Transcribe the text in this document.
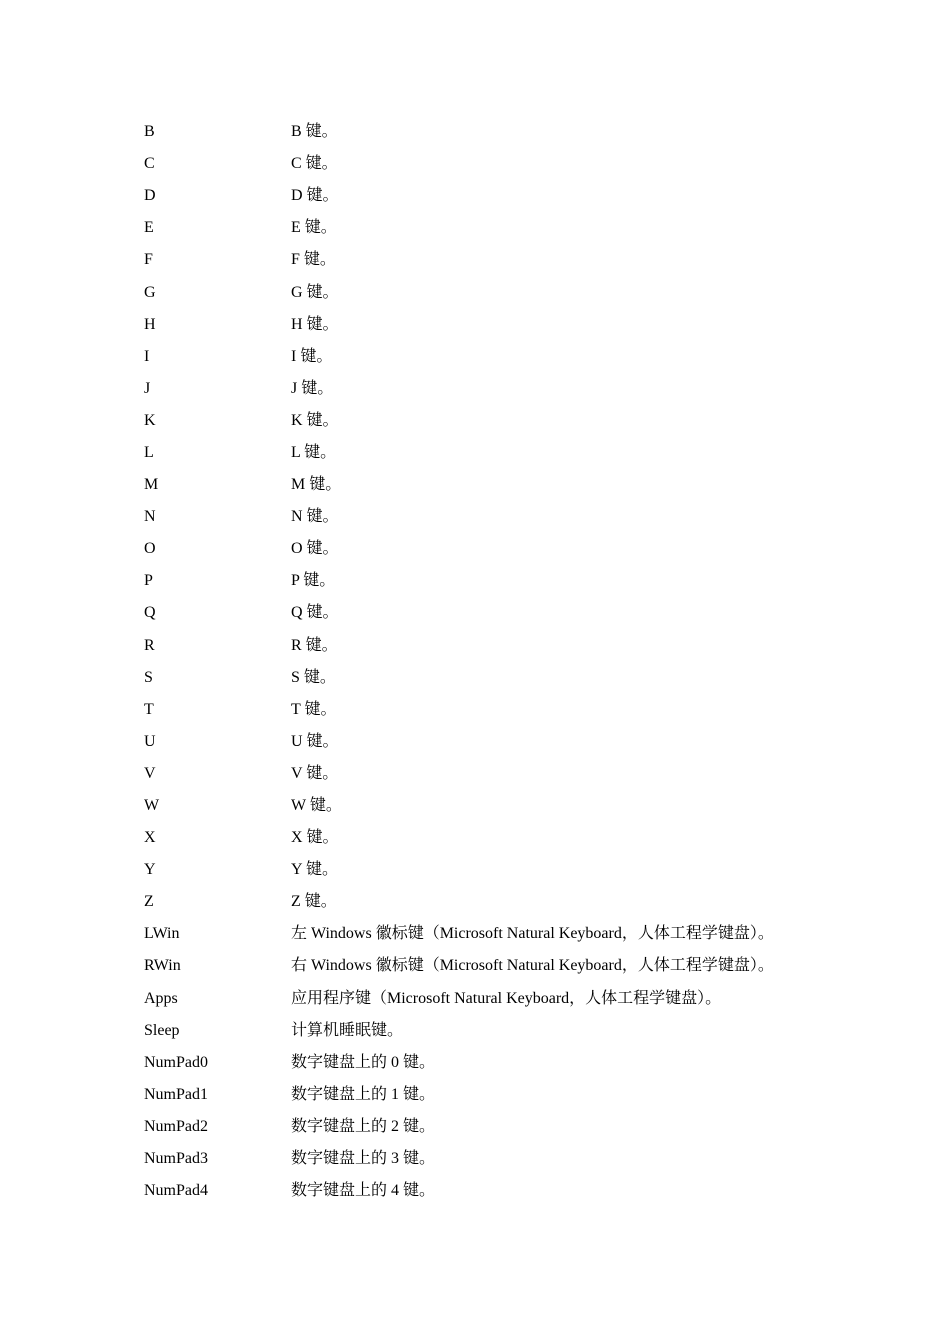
B	B 键。
C	C 键。
D	D 键。
E	E 键。
F	F 键。
G	G 键。
H	H 键。
I	I 键。
J	J 键。
K	K 键。
L	L 键。
M	M 键。
N	N 键。
O	O 键。
P	P 键。
Q	Q 键。
R	R 键。
S	S 键。
T	T 键。
U	U 键。
V	V 键。
W	W 键。
X	X 键。
Y	Y 键。
Z	Z 键。
LWin	左 Windows 徽标键（Microsoft Natural Keyboard，人体工程学键盘）。
RWin	右 Windows 徽标键（Microsoft Natural Keyboard，人体工程学键盘）。
Apps	应用程序键（Microsoft Natural Keyboard，人体工程学键盘）。
Sleep	计算机睡眠键。
NumPad0	数字键盘上的 0 键。
NumPad1	数字键盘上的 1 键。
NumPad2	数字键盘上的 2 键。
NumPad3	数字键盘上的 3 键。
NumPad4	数字键盘上的 4 键。
